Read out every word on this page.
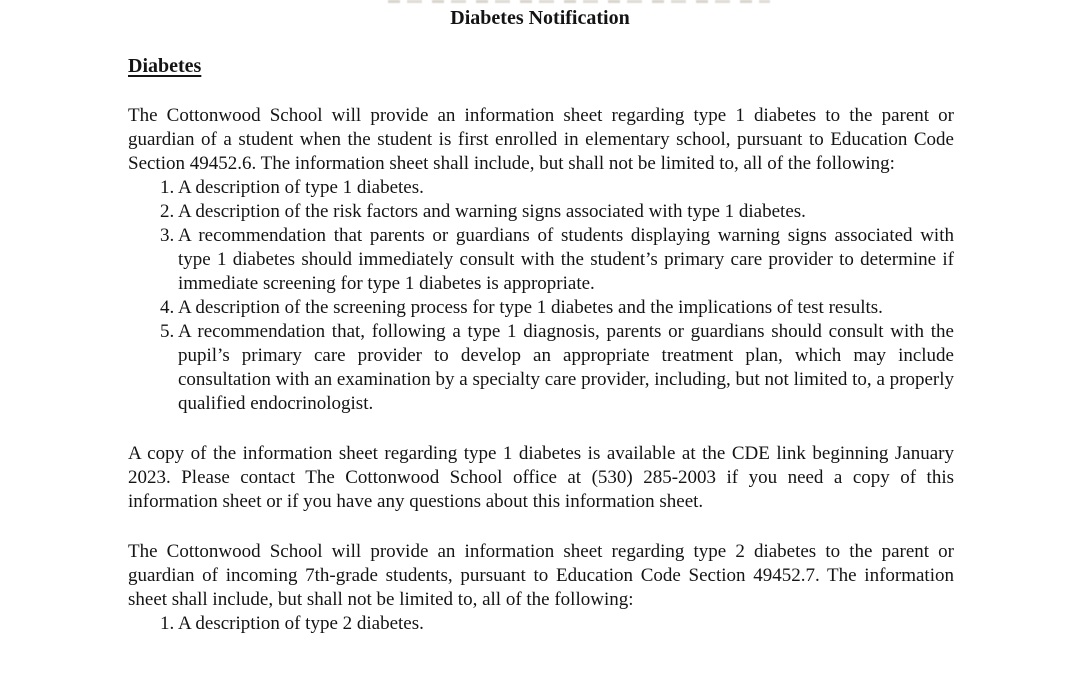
Diabetes Notification
Diabetes

The Cottonwood School will provide an information sheet regarding type 1 diabetes to the parent or guardian of a student when the student is first enrolled in elementary school, pursuant to Education Code Section 49452.6. The information sheet shall include, but shall not be limited to, all of the following:

A description of type 1 diabetes.
A description of the risk factors and warning signs associated with type 1 diabetes.
A recommendation that parents or guardians of students displaying warning signs associated with type 1 diabetes should immediately consult with the student’s primary care provider to determine if immediate screening for type 1 diabetes is appropriate.
A description of the screening process for type 1 diabetes and the implications of test results.
A recommendation that, following a type 1 diagnosis, parents or guardians should consult with the pupil’s primary care provider to develop an appropriate treatment plan, which may include consultation with an examination by a specialty care provider, including, but not limited to, a properly qualified endocrinologist.

A copy of the information sheet regarding type 1 diabetes is available at the CDE link beginning January 2023. Please contact The Cottonwood School office at (530) 285-2003 if you need a copy of this information sheet or if you have any questions about this information sheet.

The Cottonwood School will provide an information sheet regarding type 2 diabetes to the parent or guardian of incoming 7th-grade students, pursuant to Education Code Section 49452.7. The information sheet shall include, but shall not be limited to, all of the following:

A description of type 2 diabetes.
